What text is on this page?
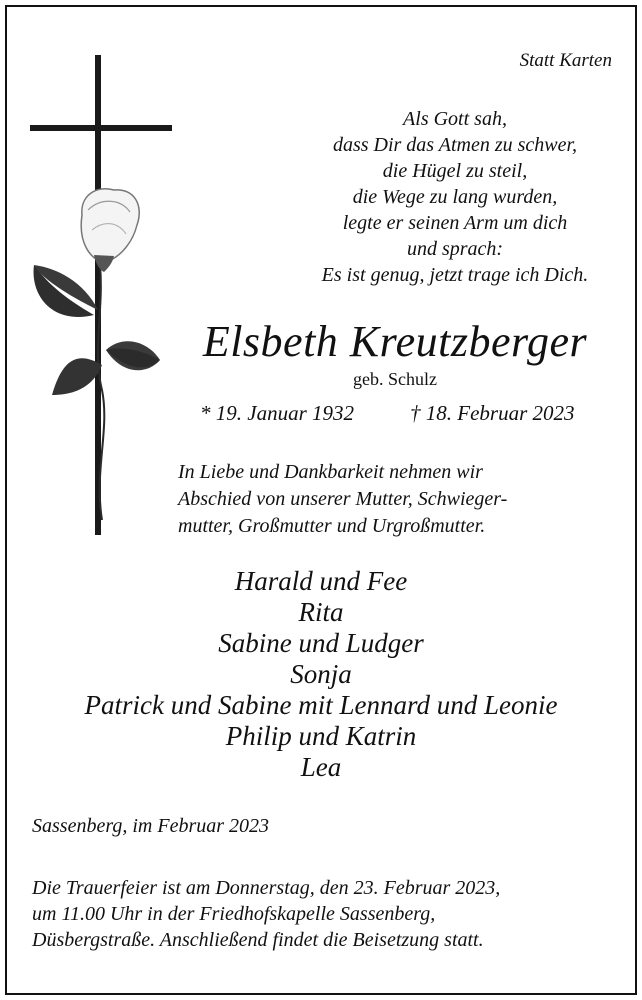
Statt Karten
Als Gott sah,
dass Dir das Atmen zu schwer,
die Hügel zu steil,
die Wege zu lang wurden,
legte er seinen Arm um dich
und sprach:
Es ist genug, jetzt trage ich Dich.
Elsbeth Kreutzberger
geb. Schulz
* 19. Januar 1932	† 18. Februar 2023
In Liebe und Dankbarkeit nehmen wir
Abschied von unserer Mutter, Schwieger-
mutter, Großmutter und Urgroßmutter.
Harald und Fee
Rita
Sabine und Ludger
Sonja
Patrick und Sabine mit Lennard und Leonie
Philip und Katrin
Lea
Sassenberg, im Februar 2023
Die Trauerfeier ist am Donnerstag, den 23. Februar 2023,
um 11.00 Uhr in der Friedhofskapelle Sassenberg,
Düsbergstraße. Anschließend findet die Beisetzung statt.
